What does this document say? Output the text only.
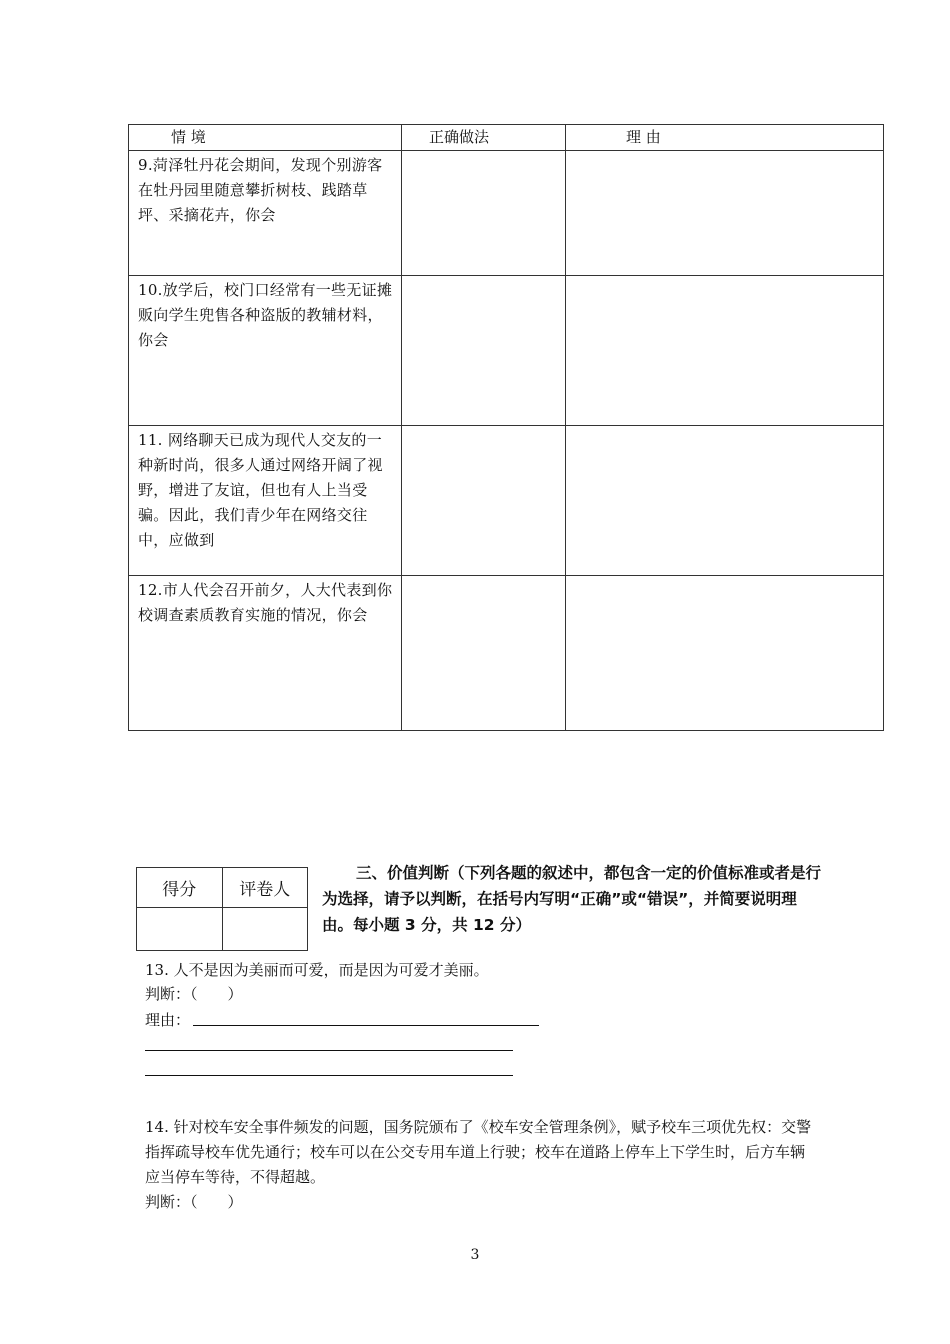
情 境	正确做法	理 由

9.菏泽牡丹花会期间，发现个别游客在牡丹园里随意攀折树枝、践踏草坪、采摘花卉，你会		

10.放学后，校门口经常有一些无证摊贩向学生兜售各种盗版的教辅材料，你会		

11. 网络聊天已成为现代人交友的一种新时尚，很多人通过网络开阔了视野，增进了友谊，但也有人上当受骗。因此，我们青少年在网络交往中，应做到		

12.市人代会召开前夕，人大代表到你校调查素质教育实施的情况，你会		

得分	评卷人

三、价值判断（下列各题的叙述中，都包含一定的价值标准或者是行为选择，请予以判断，在括号内写明“正确”或“错误”，并简要说明理由。每小题 3 分，共 12 分）
13. 人不是因为美丽而可爱，而是因为可爱才美丽。
判断：（　　）
理由：
14. 针对校车安全事件频发的问题，国务院颁布了《校车安全管理条例》，赋予校车三项优先权：交警指挥疏导校车优先通行；校车可以在公交专用车道上行驶；校车在道路上停车上下学生时，后方车辆应当停车等待，不得超越。
判断：（　　）
3
